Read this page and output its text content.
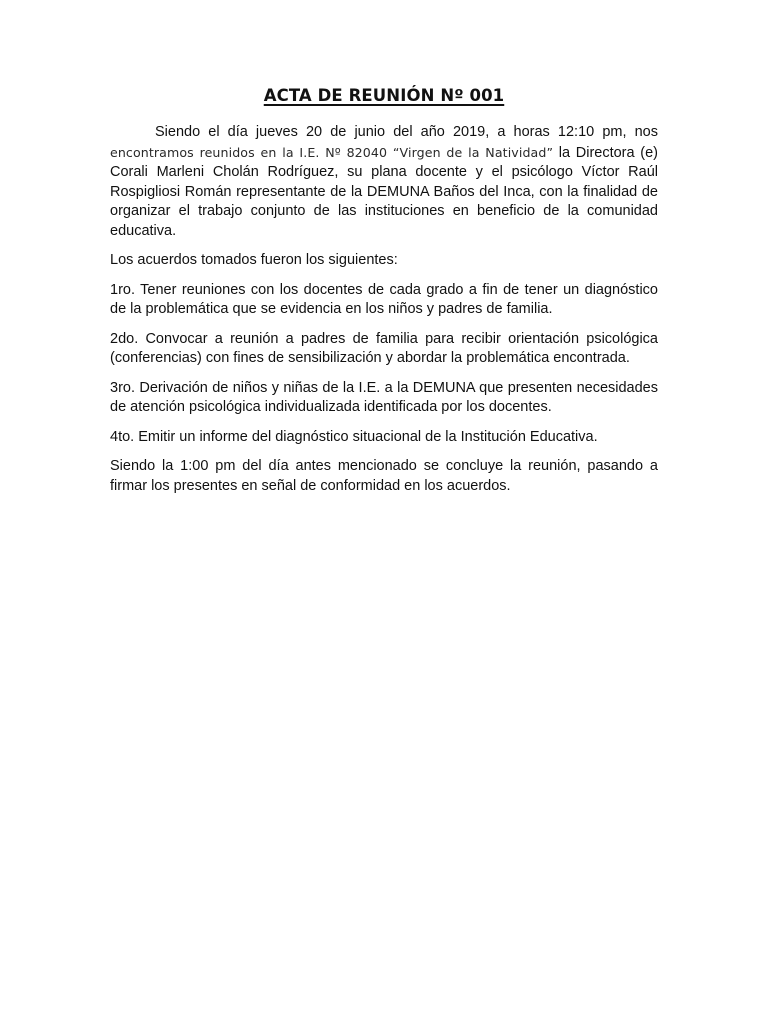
ACTA DE REUNIÓN Nº 001

Siendo el día jueves 20 de junio del año 2019, a horas 12:10 pm, nos encontramos reunidos en la I.E. Nº 82040 “Virgen de la Natividad” la Directora (e) Corali Marleni Cholán Rodríguez, su plana docente y el psicólogo Víctor Raúl Rospigliosi Román representante de la DEMUNA Baños del Inca, con la finalidad de organizar el trabajo conjunto de las instituciones en beneficio de la comunidad educativa.

Los acuerdos tomados fueron los siguientes:

1ro. Tener reuniones con los docentes de cada grado a fin de tener un diagnóstico de la problemática que se evidencia en los niños y padres de familia.

2do. Convocar a reunión a padres de familia para recibir orientación psicológica (conferencias) con fines de sensibilización y abordar la problemática encontrada.

3ro. Derivación de niños y niñas de la I.E. a la DEMUNA que presenten necesidades de atención psicológica individualizada identificada por los docentes.

4to. Emitir un informe del diagnóstico situacional de la Institución Educativa.

Siendo la 1:00 pm del día antes mencionado se concluye la reunión, pasando a firmar los presentes en señal de conformidad en los acuerdos.
